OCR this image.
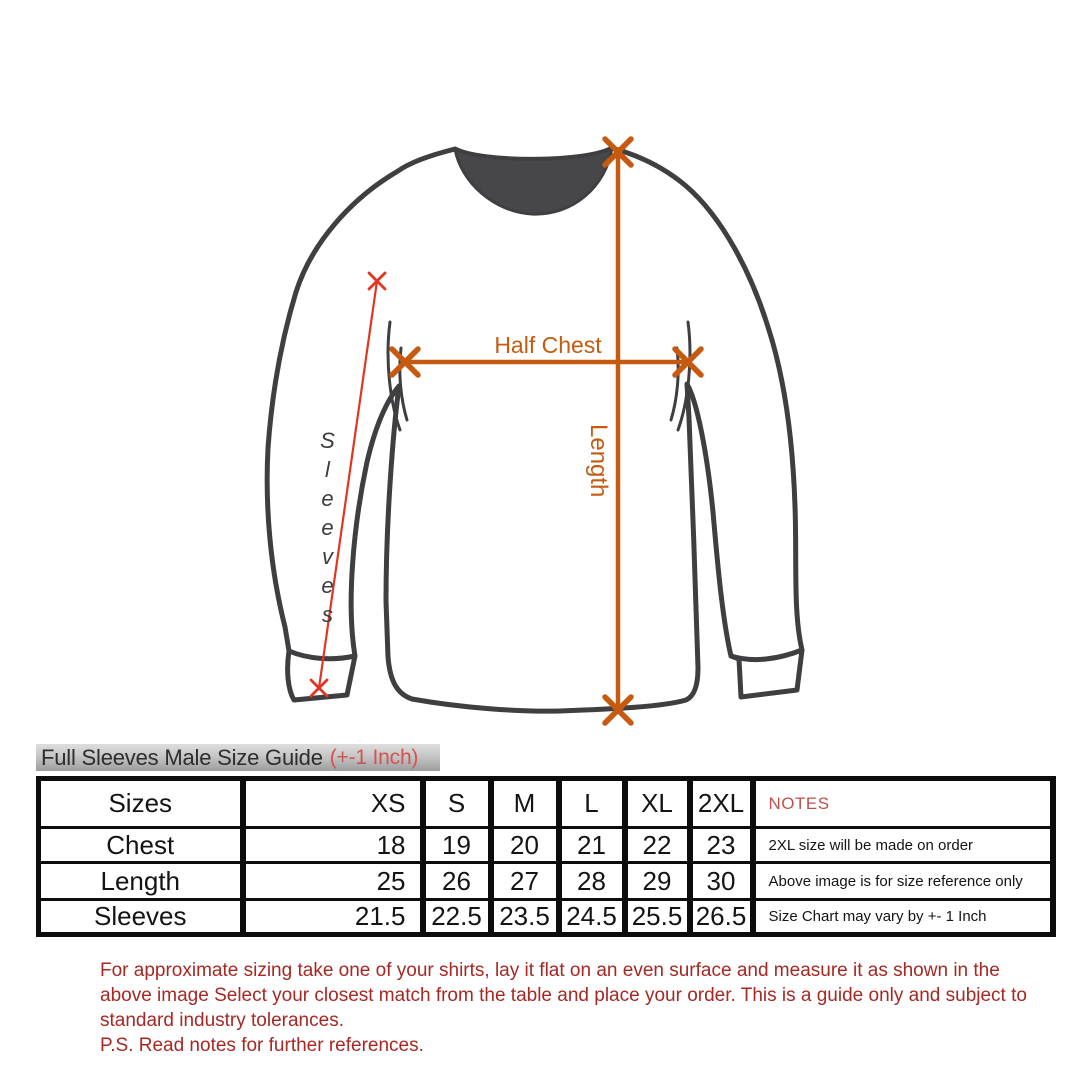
Half Chest
Length
Sleeves
Full Sleeves Male Size Guide (+-1 Inch)
Sizes	XS	S	M	L	XL	2XL	NOTES
Chest	18	19	20	21	22	23	2XL size will be made on order
Length	25	26	27	28	29	30	Above image is for size reference only
Sleeves	21.5	22.5	23.5	24.5	25.5	26.5	Size Chart may vary by +- 1 Inch
For approximate sizing take one of your shirts, lay it flat on an even surface and measure it as shown in the
above image Select your closest match from the table and place your order. This is a guide only and subject to
standard industry tolerances.
P.S. Read notes for further references.
